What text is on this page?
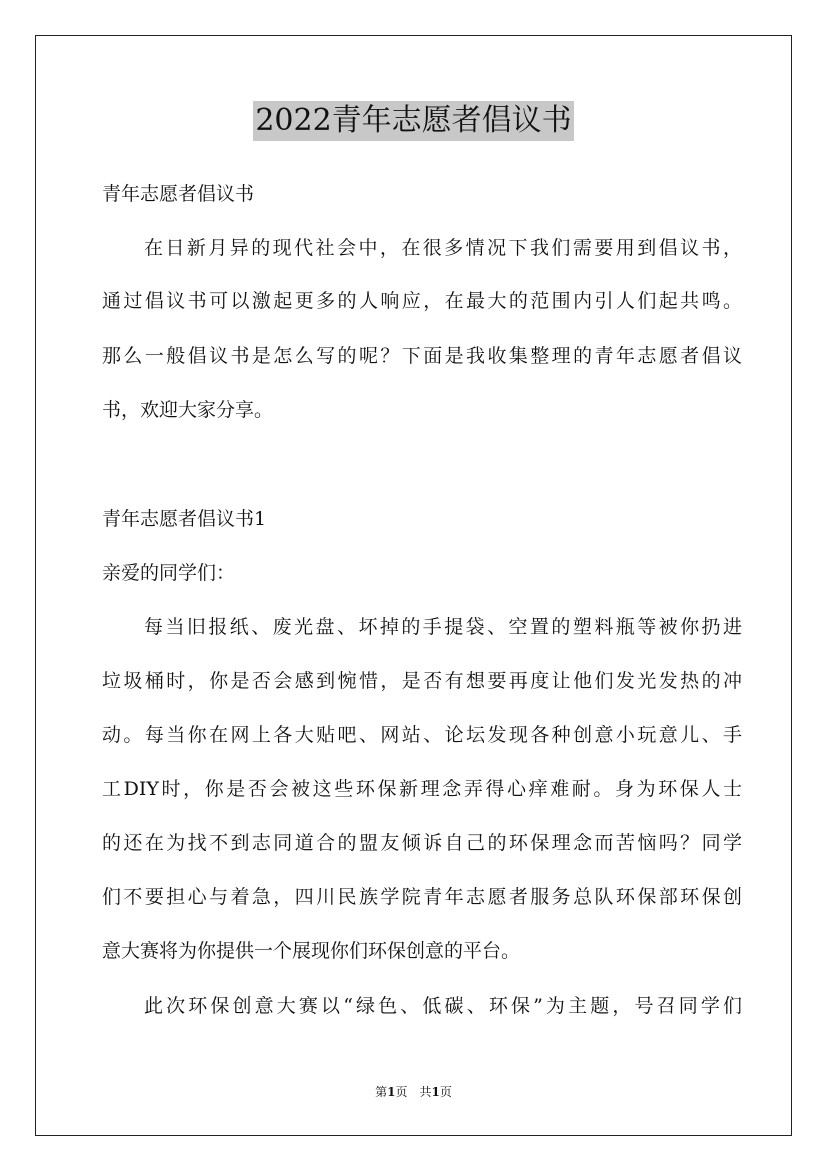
2022青年志愿者倡议书
青年志愿者倡议书
在日新月异的现代社会中，在很多情况下我们需要用到倡议书，
通过倡议书可以激起更多的人响应，在最大的范围内引人们起共鸣。
那么一般倡议书是怎么写的呢？下面是我收集整理的青年志愿者倡议
书，欢迎大家分享。
青年志愿者倡议书1
亲爱的同学们：
每当旧报纸、废光盘、坏掉的手提袋、空置的塑料瓶等被你扔进
垃圾桶时，你是否会感到惋惜，是否有想要再度让他们发光发热的冲
动。每当你在网上各大贴吧、网站、论坛发现各种创意小玩意儿、手
工DIY时，你是否会被这些环保新理念弄得心痒难耐。身为环保人士
的还在为找不到志同道合的盟友倾诉自己的环保理念而苦恼吗？同学
们不要担心与着急，四川民族学院青年志愿者服务总队环保部环保创
意大赛将为你提供一个展现你们环保创意的平台。
此次环保创意大赛以“绿色、低碳、环保”为主题，号召同学们
第1页　共1页
